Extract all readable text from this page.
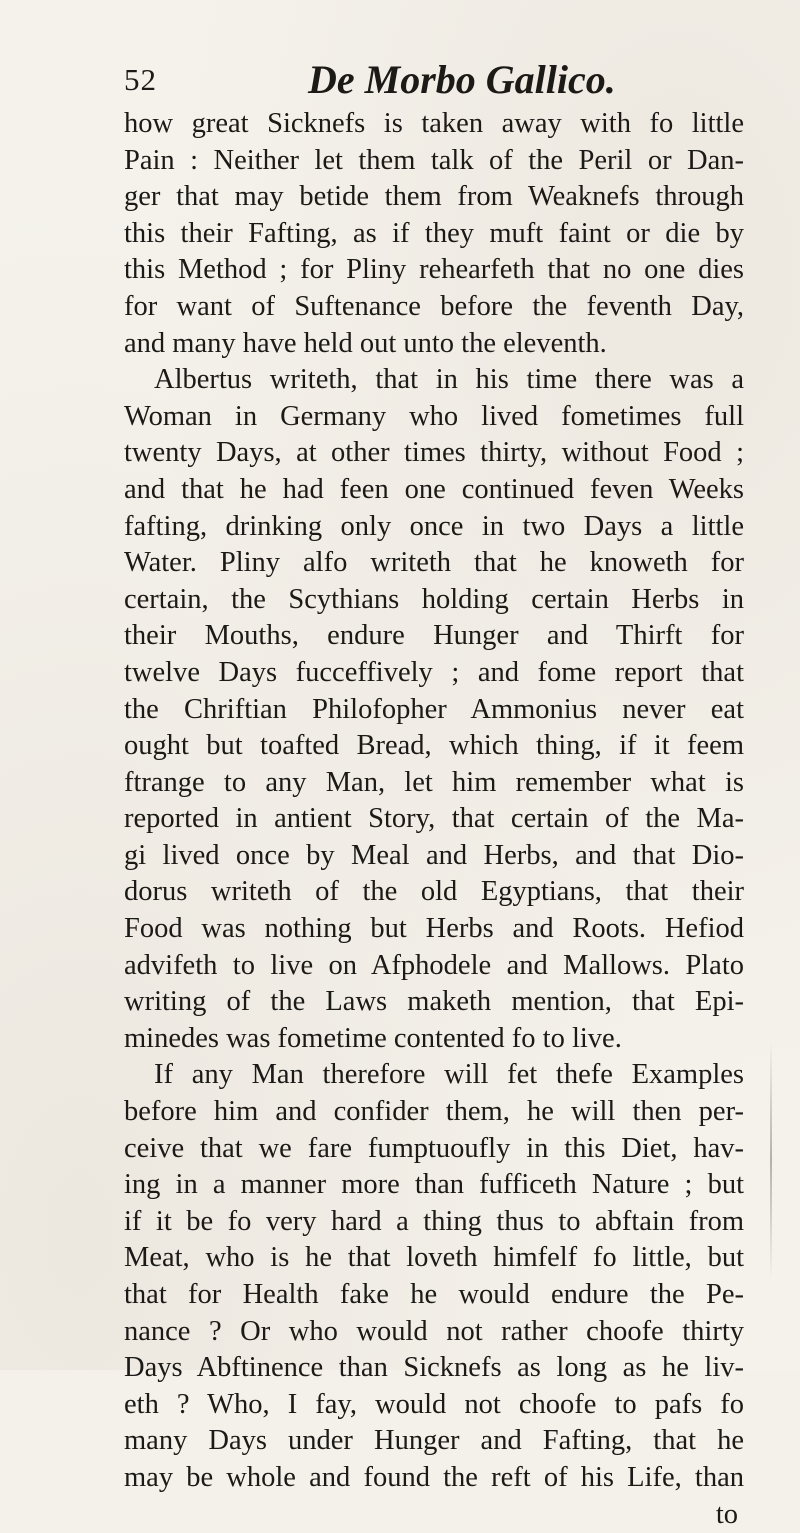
52	De Morbo Gallico.
how great Sicknefs is taken away with fo little
Pain : Neither let them talk of the Peril or Dan-
ger that may betide them from Weaknefs through
this their Fafting, as if they muft faint or die by
this Method ; for Pliny rehearfeth that no one dies
for want of Suftenance before the feventh Day,
and many have held out unto the eleventh.
Albertus writeth, that in his time there was a
Woman in Germany who lived fometimes full
twenty Days, at other times thirty, without Food ;
and that he had feen one continued feven Weeks
fafting, drinking only once in two Days a little
Water. Pliny alfo writeth that he knoweth for
certain, the Scythians holding certain Herbs in
their Mouths, endure Hunger and Thirft for
twelve Days fucceffively ; and fome report that
the Chriftian Philofopher Ammonius never eat
ought but toafted Bread, which thing, if it feem
ftrange to any Man, let him remember what is
reported in antient Story, that certain of the Ma-
gi lived once by Meal and Herbs, and that Dio-
dorus writeth of the old Egyptians, that their
Food was nothing but Herbs and Roots. Hefiod
advifeth to live on Afphodele and Mallows. Plato
writing of the Laws maketh mention, that Epi-
minedes was fometime contented fo to live.
If any Man therefore will fet thefe Examples
before him and confider them, he will then per-
ceive that we fare fumptuoufly in this Diet, hav-
ing in a manner more than fufficeth Nature ; but
if it be fo very hard a thing thus to abftain from
Meat, who is he that loveth himfelf fo little, but
that for Health fake he would endure the Pe-
nance ? Or who would not rather choofe thirty
Days Abftinence than Sicknefs as long as he liv-
eth ? Who, I fay, would not choofe to pafs fo
many Days under Hunger and Fafting, that he
may be whole and found the reft of his Life, than
to
